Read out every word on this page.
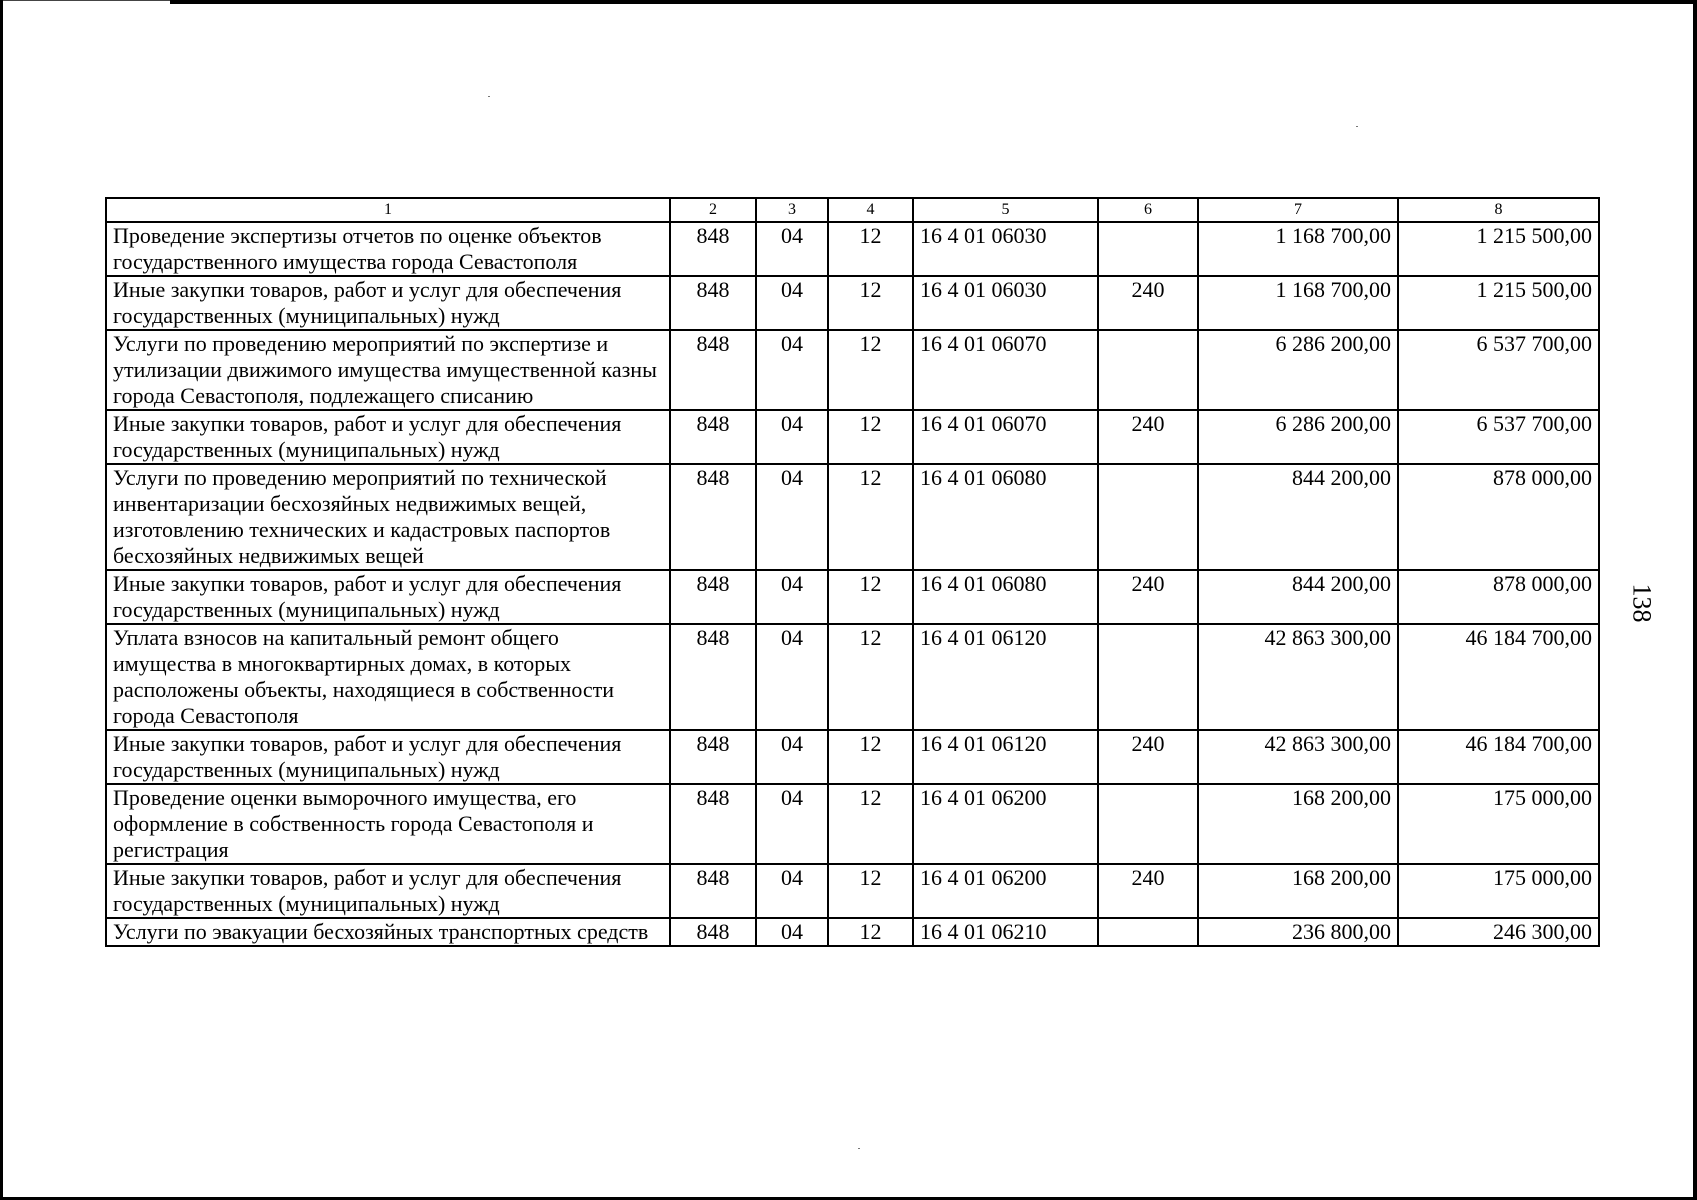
138
1	2	3	4	5	6	7	8
Проведение экспертизы отчетов по оценке объектов государственного имущества города Севастополя	848	04	12	16 4 01 06030		1 168 700,00	1 215 500,00
Иные закупки товаров, работ и услуг для обеспечения государственных (муниципальных) нужд	848	04	12	16 4 01 06030	240	1 168 700,00	1 215 500,00
Услуги по проведению мероприятий по экспертизе и утилизации движимого имущества имущественной казны города Севастополя, подлежащего списанию	848	04	12	16 4 01 06070		6 286 200,00	6 537 700,00
Иные закупки товаров, работ и услуг для обеспечения государственных (муниципальных) нужд	848	04	12	16 4 01 06070	240	6 286 200,00	6 537 700,00
Услуги по проведению мероприятий по технической инвентаризации бесхозяйных недвижимых вещей, изготовлению технических и кадастровых паспортов бесхозяйных недвижимых вещей	848	04	12	16 4 01 06080		844 200,00	878 000,00
Иные закупки товаров, работ и услуг для обеспечения государственных (муниципальных) нужд	848	04	12	16 4 01 06080	240	844 200,00	878 000,00
Уплата взносов на капитальный ремонт общего имущества в многоквартирных домах, в которых расположены объекты, находящиеся в собственности города Севастополя	848	04	12	16 4 01 06120		42 863 300,00	46 184 700,00
Иные закупки товаров, работ и услуг для обеспечения государственных (муниципальных) нужд	848	04	12	16 4 01 06120	240	42 863 300,00	46 184 700,00
Проведение оценки выморочного имущества, его оформление в собственность города Севастополя и регистрация	848	04	12	16 4 01 06200		168 200,00	175 000,00
Иные закупки товаров, работ и услуг для обеспечения государственных (муниципальных) нужд	848	04	12	16 4 01 06200	240	168 200,00	175 000,00
Услуги по эвакуации бесхозяйных транспортных средств	848	04	12	16 4 01 06210		236 800,00	246 300,00
